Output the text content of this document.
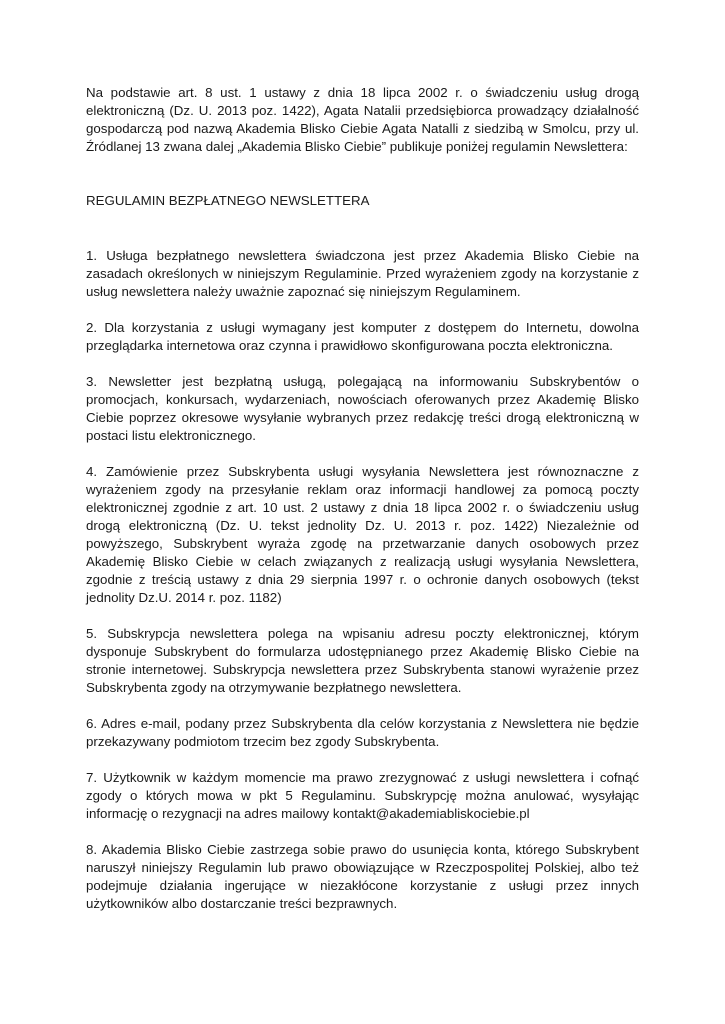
Na podstawie art. 8 ust. 1 ustawy z dnia 18 lipca 2002 r. o świadczeniu usług drogą elektroniczną (Dz. U. 2013 poz. 1422), Agata Natalii przedsiębiorca prowadzący działalność gospodarczą pod nazwą Akademia Blisko Ciebie Agata Natalli z siedzibą w Smolcu, przy ul. Źródlanej 13 zwana dalej „Akademia Blisko Ciebie” publikuje poniżej regulamin Newslettera:

REGULAMIN BEZPŁATNEGO NEWSLETTERA

1. Usługa bezpłatnego newslettera świadczona jest przez Akademia Blisko Ciebie na zasadach określonych w niniejszym Regulaminie. Przed wyrażeniem zgody na korzystanie z usług newslettera należy uważnie zapoznać się niniejszym Regulaminem.

2. Dla korzystania z usługi wymagany jest komputer z dostępem do Internetu, dowolna przeglądarka internetowa oraz czynna i prawidłowo skonfigurowana poczta elektroniczna.

3. Newsletter jest bezpłatną usługą, polegającą na informowaniu Subskrybentów o promocjach, konkursach, wydarzeniach, nowościach oferowanych przez Akademię Blisko Ciebie poprzez okresowe wysyłanie wybranych przez redakcję treści drogą elektroniczną w postaci listu elektronicznego.

4. Zamówienie przez Subskrybenta usługi wysyłania Newslettera jest równoznaczne z wyrażeniem zgody na przesyłanie reklam oraz informacji handlowej za pomocą poczty elektronicznej zgodnie z art. 10 ust. 2 ustawy z dnia 18 lipca 2002 r. o świadczeniu usług drogą elektroniczną (Dz. U. tekst jednolity Dz. U. 2013 r. poz. 1422) Niezależnie od powyższego, Subskrybent wyraża zgodę na przetwarzanie danych osobowych przez Akademię Blisko Ciebie w celach związanych z realizacją usługi wysyłania Newslettera, zgodnie z treścią ustawy z dnia 29 sierpnia 1997 r. o ochronie danych osobowych (tekst jednolity Dz.U. 2014 r. poz. 1182)

5. Subskrypcja newslettera polega na wpisaniu adresu poczty elektronicznej, którym dysponuje Subskrybent do formularza udostępnianego przez Akademię Blisko Ciebie na stronie internetowej. Subskrypcja newslettera przez Subskrybenta stanowi wyrażenie przez Subskrybenta zgody na otrzymywanie bezpłatnego newslettera.

6. Adres e-mail, podany przez Subskrybenta dla celów korzystania z Newslettera nie będzie przekazywany podmiotom trzecim bez zgody Subskrybenta.

7. Użytkownik w każdym momencie ma prawo zrezygnować z usługi newslettera i cofnąć zgody o których mowa w pkt 5 Regulaminu. Subskrypcję można anulować, wysyłając informację o rezygnacji na adres mailowy kontakt@akademiabliskociebie.pl

8. Akademia Blisko Ciebie zastrzega sobie prawo do usunięcia konta, którego Subskrybent naruszył niniejszy Regulamin lub prawo obowiązujące w Rzeczpospolitej Polskiej, albo też podejmuje działania ingerujące w niezakłócone korzystanie z usługi przez innych użytkowników albo dostarczanie treści bezprawnych.
